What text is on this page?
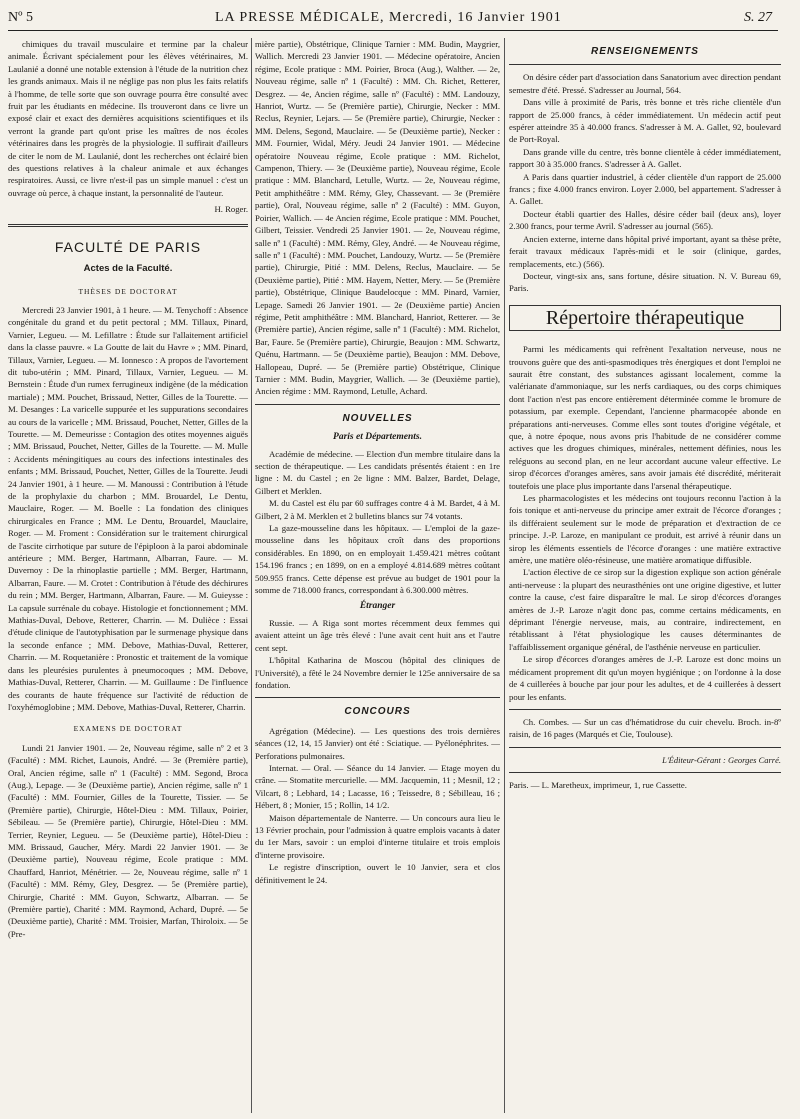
Nº 5	LA PRESSE MÉDICALE, Mercredi, 16 Janvier 1901	S. 27

chimiques du travail musculaire et termine par la chaleur animale. Écrivant spécialement pour les élèves vétérinaires, M. Laulanié a donné une notable extension à l'étude de la nutrition chez les grands animaux. Mais il ne néglige pas non plus les faits relatifs à l'homme, de telle sorte que son ouvrage pourra être consulté avec fruit par les étudiants en médecine. Ils trouveront dans ce livre un exposé clair et exact des dernières acquisitions scientifiques et ils verront la grande part qu'ont prise les maîtres de nos écoles vétérinaires dans les progrès de la physiologie. Il suffirait d'ailleurs de citer le nom de M. Laulanié, dont les recherches ont éclairé bien des questions relatives à la chaleur animale et aux échanges respiratoires. Aussi, ce livre n'est-il pas un simple manuel : c'est un ouvrage où perce, à chaque instant, la personnalité de l'auteur.

H. Roger.

FACULTÉ DE PARIS
Actes de la Faculté.
THÈSES DE DOCTORAT

Mercredi 23 Janvier 1901, à 1 heure. — M. Tenychoff : Absence congénitale du grand et du petit pectoral ; MM. Tillaux, Pinard, Varnier, Legueu. — M. Lefillatre : Étude sur l'allaitement artificiel dans la classe pauvre. « La Goutte de lait du Havre » ; MM. Pinard, Tillaux, Varnier, Legueu. — M. Ionnesco : A propos de l'avortement dit tubo-utérin ; MM. Pinard, Tillaux, Varnier, Legueu. — M. Bernstein : Étude d'un rumex ferrugineux indigène (de la médication martiale) ; MM. Pouchet, Brissaud, Netter, Gilles de la Tourette. — M. Desanges : La varicelle suppurée et les suppurations secondaires au cours de la varicelle ; MM. Brissaud, Pouchet, Netter, Gilles de la Tourette. — M. Demeurisse : Contagion des otites moyennes aiguës ; MM. Brissaud, Pouchet, Netter, Gilles de la Tourette. — M. Mulle : Accidents méningitiques au cours des infections intestinales des enfants ; MM. Brissaud, Pouchet, Netter, Gilles de la Tourette. Jeudi 24 Janvier 1901, à 1 heure. — M. Manoussi : Contribution à l'étude de la prophylaxie du charbon ; MM. Brouardel, Le Dentu, Mauclaire, Roger. — M. Boelle : La fondation des cliniques chirurgicales en France ; MM. Le Dentu, Brouardel, Mauclaire, Roger. — M. Froment : Considération sur le traitement chirurgical de l'ascite cirrhotique par suture de l'épiploon à la paroi abdominale antérieure ; MM. Berger, Hartmann, Albarran, Faure. — M. Duvernoy : De la rhinoplastie partielle ; MM. Berger, Hartmann, Albarran, Faure. — M. Crotet : Contribution à l'étude des déchirures du rein ; MM. Berger, Hartmann, Albarran, Faure. — M. Guieysse : La capsule surrénale du cobaye. Histologie et fonctionnement ; MM. Mathias-Duval, Debove, Retterer, Charrin. — M. Dulièce : Essai d'étude clinique de l'autotyphisation par le surmenage physique dans la seconde enfance ; MM. Debove, Mathias-Duval, Retterer, Charrin. — M. Roquetanière : Pronostic et traitement de la vomique dans les pleurésies purulentes à pneumocoques ; MM. Debove, Mathias-Duval, Retterer, Charrin. — M. Guillaume : De l'influence des courants de haute fréquence sur l'activité de réduction de l'oxyhémoglobine ; MM. Debove, Mathias-Duval, Retterer, Charrin.

EXAMENS DE DOCTORAT

Lundi 21 Janvier 1901. — 2e, Nouveau régime, salle nº 2 et 3 (Faculté) : MM. Richet, Launois, André. — 3e (Première partie), Oral, Ancien régime, salle nº 1 (Faculté) : MM. Segond, Broca (Aug.), Lepage. — 3e (Deuxième partie), Ancien régime, salle nº 1 (Faculté) : MM. Fournier, Gilles de la Tourette, Tissier. — 5e (Première partie), Chirurgie, Hôtel-Dieu : MM. Tillaux, Poirier, Sébileau. — 5e (Première partie), Chirurgie, Hôtel-Dieu : MM. Terrier, Reynier, Legueu. — 5e (Deuxième partie), Hôtel-Dieu : MM. Brissaud, Gaucher, Méry. Mardi 22 Janvier 1901. — 3e (Deuxième partie), Nouveau régime, Ecole pratique : MM. Chauffard, Hanriot, Ménétrier. — 2e, Nouveau régime, salle nº 1 (Faculté) : MM. Rémy, Gley, Desgrez. — 5e (Première partie), Chirurgie, Charité : MM. Guyon, Schwartz, Albarran. — 5e (Première partie), Charité : MM. Raymond, Achard, Dupré. — 5e (Deuxième partie), Charité : MM. Troisier, Marfan, Thiroloix. — 5e (Pre-

mière partie), Obstétrique, Clinique Tarnier : MM. Budin, Maygrier, Wallich. Mercredi 23 Janvier 1901. — Médecine opératoire, Ancien régime, Ecole pratique : MM. Poirier, Broca (Aug.), Walther. — 2e, Nouveau régime, salle nº 1 (Faculté) : MM. Ch. Richet, Retterer, Desgrez. — 4e, Ancien régime, salle nº (Faculté) : MM. Landouzy, Hanriot, Wurtz. — 5e (Première partie), Chirurgie, Necker : MM. Reclus, Reynier, Lejars. — 5e (Première partie), Chirurgie, Necker : MM. Delens, Segond, Mauclaire. — 5e (Deuxième partie), Necker : MM. Fournier, Widal, Méry. Jeudi 24 Janvier 1901. — Médecine opératoire Nouveau régime, Ecole pratique : MM. Richelot, Campenon, Thiery. — 3e (Deuxième partie), Nouveau régime, Ecole pratique : MM. Blanchard, Letulle, Wurtz. — 2e, Nouveau régime, Petit amphithéâtre : MM. Rémy, Gley, Chassevant. — 3e (Première partie), Oral, Nouveau régime, salle nº 2 (Faculté) : MM. Guyon, Poirier, Wallich. — 4e Ancien régime, Ecole pratique : MM. Pouchet, Gilbert, Teissier. Vendredi 25 Janvier 1901. — 2e, Nouveau régime, salle nº 1 (Faculté) : MM. Rémy, Gley, André. — 4e Nouveau régime, salle nº 1 (Faculté) : MM. Pouchet, Landouzy, Wurtz. — 5e (Première partie), Chirurgie, Pitié : MM. Delens, Reclus, Mauclaire. — 5e (Deuxième partie), Pitié : MM. Hayem, Netter, Mery. — 5e (Première partie), Obstétrique, Clinique Baudelocque : MM. Pinard, Varnier, Lepage. Samedi 26 Janvier 1901. — 2e (Deuxième partie) Ancien régime, Petit amphithéâtre : MM. Blanchard, Hanriot, Retterer. — 3e (Première partie), Ancien régime, salle nº 1 (Faculté) : MM. Richelot, Bar, Faure. 5e (Première partie), Chirurgie, Beaujon : MM. Schwartz, Quénu, Hartmann. — 5e (Deuxième partie), Beaujon : MM. Debove, Hallopeau, Dupré. — 5e (Première partie) Obstétrique, Clinique Tarnier : MM. Budin, Maygrier, Wallich. — 3e (Deuxième partie), Ancien régime : MM. Raymond, Letulle, Achard.

NOUVELLES
Paris et Départements.

Académie de médecine. — Election d'un membre titulaire dans la section de thérapeutique. — Les candidats présentés étaient : en 1re ligne : M. du Castel ; en 2e ligne : MM. Balzer, Bardet, Delage, Gilbert et Merklen.

M. du Castel est élu par 60 suffrages contre 4 à M. Bardet, 4 à M. Gilbert, 2 à M. Merklen et 2 bulletins blancs sur 74 votants.

La gaze-mousseline dans les hôpitaux. — L'emploi de la gaze-mousseline dans les hôpitaux croît dans des proportions considérables. En 1890, on en employait 1.459.421 mètres coûtant 154.196 francs ; en 1899, on en a employé 4.814.689 mètres coûtant 509.955 francs. Cette dépense est prévue au budget de 1901 pour la somme de 718.000 francs, correspondant à 6.300.000 mètres.

Étranger

Russie. — A Riga sont mortes récemment deux femmes qui avaient atteint un âge très élevé : l'une avait cent huit ans et l'autre cent sept.

L'hôpital Katharina de Moscou (hôpital des cliniques de l'Université), a fêté le 24 Novembre dernier le 125e anniversaire de sa fondation.

CONCOURS

Agrégation (Médecine). — Les questions des trois dernières séances (12, 14, 15 Janvier) ont été : Sciatique. — Pyélonéphrites. — Perforations pulmonaires.

Internat. — Oral. — Séance du 14 Janvier. — Etage moyen du crâne. — Stomatite mercurielle. — MM. Jacquemin, 11 ; Mesnil, 12 ; Vilcart, 8 ; Lebhard, 14 ; Lacasse, 16 ; Teissedre, 8 ; Sébilleau, 16 ; Hébert, 8 ; Monier, 15 ; Rollin, 14 1/2.

Maison départementale de Nanterre. — Un concours aura lieu le 13 Février prochain, pour l'admission à quatre emplois vacants à dater du 1er Mars, savoir : un emploi d'interne titulaire et trois emplois d'interne provisoire.

Le registre d'inscription, ouvert le 10 Janvier, sera et clos définitivement le 24.

RENSEIGNEMENTS

On désire céder part d'association dans Sanatorium avec direction pendant semestre d'été. Pressé. S'adresser au Journal, 564.

Dans ville à proximité de Paris, très bonne et très riche clientèle d'un rapport de 25.000 francs, à céder immédiatement. Un médecin actif peut espérer atteindre 35 à 40.000 francs. S'adresser à M. A. Gallet, 92, boulevard de Port-Royal.

Dans grande ville du centre, très bonne clientèle à céder immédiatement, rapport 30 à 35.000 francs. S'adresser à A. Gallet.

A Paris dans quartier industriel, à céder clientèle d'un rapport de 25.000 francs ; fixe 4.000 francs environ. Loyer 2.000, bel appartement. S'adresser à A. Gallet.

Docteur établi quartier des Halles, désire céder bail (deux ans), loyer 2.300 francs, pour terme Avril. S'adresser au journal (565).

Ancien externe, interne dans hôpital privé important, ayant sa thèse prête, ferait travaux médicaux l'après-midi et le soir (clinique, gardes, remplacements, etc.) (566).

Docteur, vingt-six ans, sans fortune, désire situation. N. V. Bureau 69, Paris.

Répertoire thérapeutique

Parmi les médicaments qui refrènent l'exaltation nerveuse, nous ne trouvons guère que des anti-spasmodiques très énergiques et dont l'emploi ne saurait être constant, des substances agissant localement, comme la valérianate d'ammoniaque, sur les nerfs cardiaques, ou des corps chimiques dont l'action n'est pas encore entièrement déterminée comme le bromure de potassium, par exemple. Cependant, l'ancienne pharmacopée abonde en préparations anti-nerveuses. Comme elles sont toutes d'origine végétale, et que, à notre époque, nous avons pris l'habitude de ne considérer comme actives que les drogues chimiques, minérales, nettement définies, nous les reléguons au second plan, en ne leur accordant aucune valeur effective. Le sirop d'écorces d'oranges amères, sans avoir jamais été discrédité, mériterait toutefois une place plus importante dans l'arsenal thérapeutique.

Les pharmacologistes et les médecins ont toujours reconnu l'action à la fois tonique et anti-nerveuse du principe amer extrait de l'écorce d'oranges ; ils différaient seulement sur le mode de préparation et d'extraction de ce principe. J.-P. Laroze, en manipulant ce produit, est arrivé à réunir dans un sirop les éléments essentiels de l'écorce d'oranges : une matière extractive amère, une matière oléo-résineuse, une matière aromatique diffusible.

L'action élective de ce sirop sur la digestion explique son action générale anti-nerveuse : la plupart des neurasthénies ont une origine digestive, et lutter contre la cause, c'est faire disparaître le mal. Le sirop d'écorces d'oranges amères de J.-P. Laroze n'agit donc pas, comme certains médicaments, en déprimant l'énergie nerveuse, mais, au contraire, indirectement, en rétablissant à l'état physiologique les causes déterminantes de l'affaiblissement organique général, de l'asthénie nerveuse en particulier.

Le sirop d'écorces d'oranges amères de J.-P. Laroze est donc moins un médicament proprement dit qu'un moyen hygiénique ; on l'ordonne à la dose de 4 cuillerées à bouche par jour pour les adultes, et de 4 cuillerées à dessert pour les enfants.

Ch. Combes. — Sur un cas d'hématidrose du cuir chevelu. Broch. in-8º raisin, de 16 pages (Marqués et Cie, Toulouse).

L'Éditeur-Gérant : Georges Carré.

Paris. — L. Maretheux, imprimeur, 1, rue Cassette.
